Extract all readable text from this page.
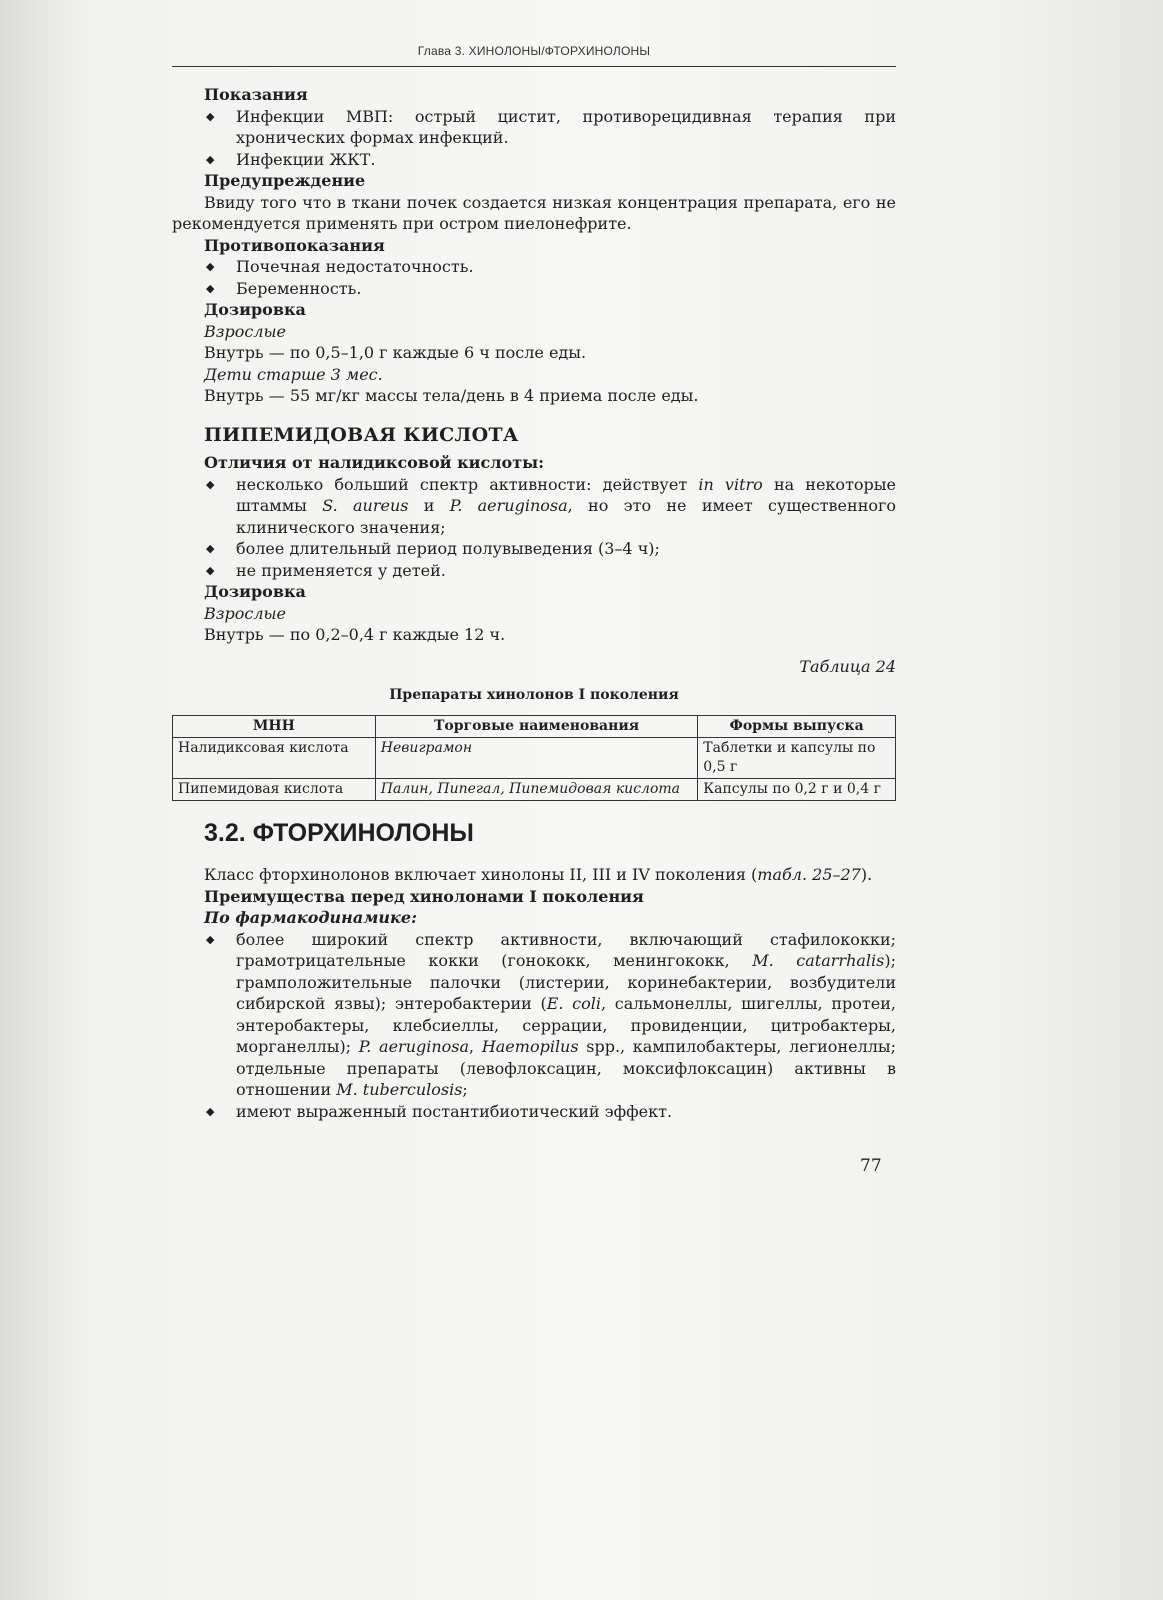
Глава 3. ХИНОЛОНЫ/ФТОРХИНОЛОНЫ
Показания
◆ Инфекции МВП: острый цистит, противорецидивная терапия при хронических формах инфекций.
◆ Инфекции ЖКТ.
Предупреждение
Ввиду того что в ткани почек создается низкая концентрация препарата, его не рекомендуется применять при остром пиелонефрите.
Противопоказания
◆ Почечная недостаточность.
◆ Беременность.
Дозировка
Взрослые
Внутрь — по 0,5–1,0 г каждые 6 ч после еды.
Дети старше 3 мес.
Внутрь — 55 мг/кг массы тела/день в 4 приема после еды.
ПИПЕМИДОВАЯ КИСЛОТА
Отличия от налидиксовой кислоты:
◆ несколько больший спектр активности: действует in vitro на некоторые штаммы S. aureus и P. aeruginosa, но это не имеет существенного клинического значения;
◆ более длительный период полувыведения (3–4 ч);
◆ не применяется у детей.
Дозировка
Взрослые
Внутрь — по 0,2–0,4 г каждые 12 ч.
Таблица 24
Препараты хинолонов I поколения
МНН	Торговые наименования	Формы выпуска
Налидиксовая кислота	Невиграмон	Таблетки и капсулы по 0,5 г
Пипемидовая кислота	Палин, Пипегал, Пипемидовая кислота	Капсулы по 0,2 г и 0,4 г
3.2. ФТОРХИНОЛОНЫ
Класс фторхинолонов включает хинолоны II, III и IV поколения (табл. 25–27).
Преимущества перед хинолонами I поколения
По фармакодинамике:
◆ более широкий спектр активности, включающий стафилококки; грамотрицательные кокки (гонококк, менингококк, M. catarrhalis); грамположительные палочки (листерии, коринебактерии, возбудители сибирской язвы); энтеробактерии (E. coli, сальмонеллы, шигеллы, протеи, энтеробактеры, клебсиеллы, серрации, провиденции, цитробактеры, морганеллы); P. aeruginosa, Haemopilus spp., кампилобактеры, легионеллы; отдельные препараты (левофлоксацин, моксифлоксацин) активны в отношении M. tuberculosis;
◆ имеют выраженный постантибиотический эффект.
77
